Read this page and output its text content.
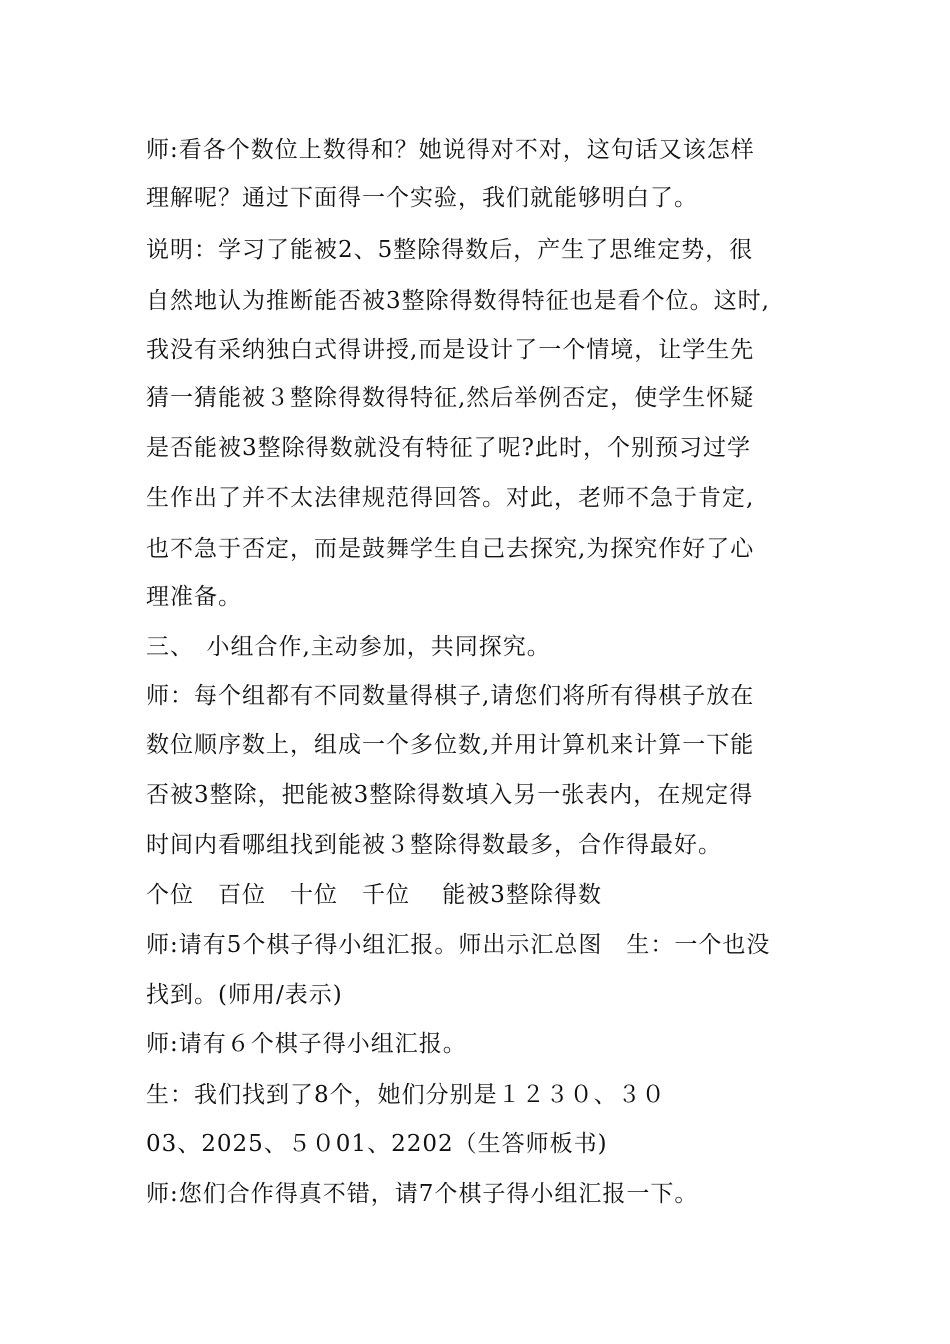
师:看各个数位上数得和？她说得对不对，这句话又该怎样
理解呢？通过下面得一个实验，我们就能够明白了。
说明：学习了能被2、5整除得数后，产生了思维定势，很
自然地认为推断能否被3整除得数得特征也是看个位。这时,
我没有采纳独白式得讲授,而是设计了一个情境，让学生先
猜一猜能被３整除得数得特征,然后举例否定，使学生怀疑
是否能被3整除得数就没有特征了呢?此时，个别预习过学
生作出了并不太法律规范得回答。对此，老师不急于肯定,
也不急于否定，而是鼓舞学生自己去探究,为探究作好了心
理准备。
三、　小组合作,主动参加，共同探究。
师：每个组都有不同数量得棋子,请您们将所有得棋子放在
数位顺序数上，组成一个多位数,并用计算机来计算一下能
否被3整除，把能被3整除得数填入另一张表内，在规定得
时间内看哪组找到能被３整除得数最多，合作得最好。
个位　百位　十位　千位　 能被3整除得数
师:请有5个棋子得小组汇报。师出示汇总图　生：一个也没
找到。(师用/表示)
师:请有６个棋子得小组汇报。
生：我们找到了8个，她们分别是１２３０、３０
03、2025、５０01、2202（生答师板书)
师:您们合作得真不错，请7个棋子得小组汇报一下。
